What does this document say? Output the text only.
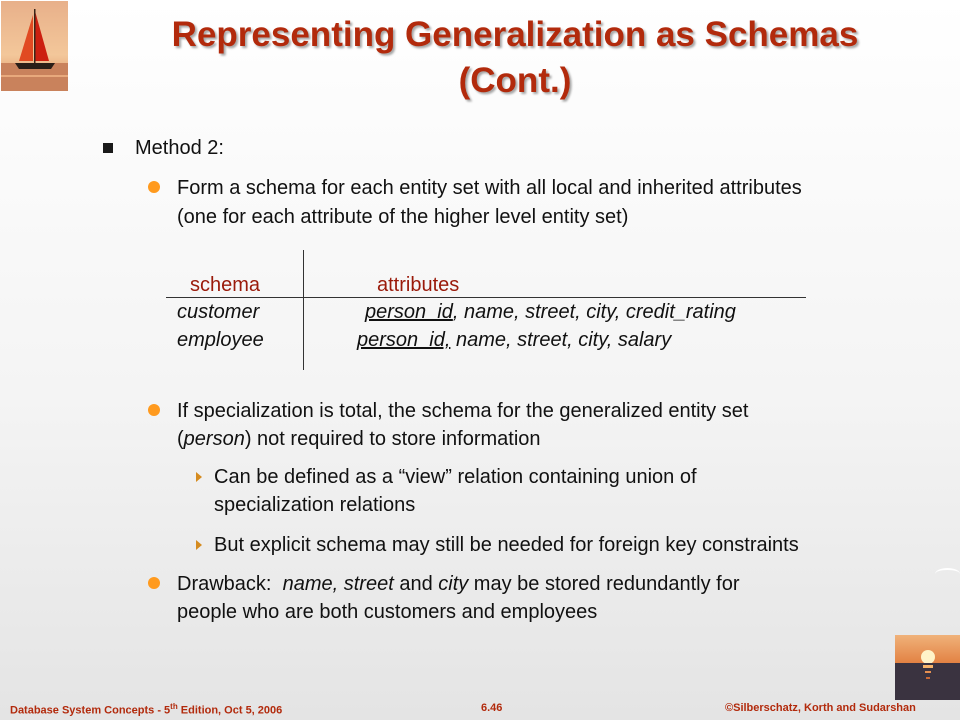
Representing Generalization as Schemas
(Cont.)
Method 2:
Form a schema for each entity set with all local and inherited attributes
(one for each attribute of the higher level entity set)
schema	attributes
customer	person_id, name, street, city, credit_rating
employee	person_id, name, street, city, salary
If specialization is total, the schema for the generalized entity set
(person) not required to store information
Can be defined as a “view” relation containing union of
specialization relations
But explicit schema may still be needed for foreign key constraints
Drawback:  name, street and city may be stored redundantly for
people who are both customers and employees
Database System Concepts - 5th Edition, Oct 5, 2006	6.46	©Silberschatz, Korth and Sudarshan
